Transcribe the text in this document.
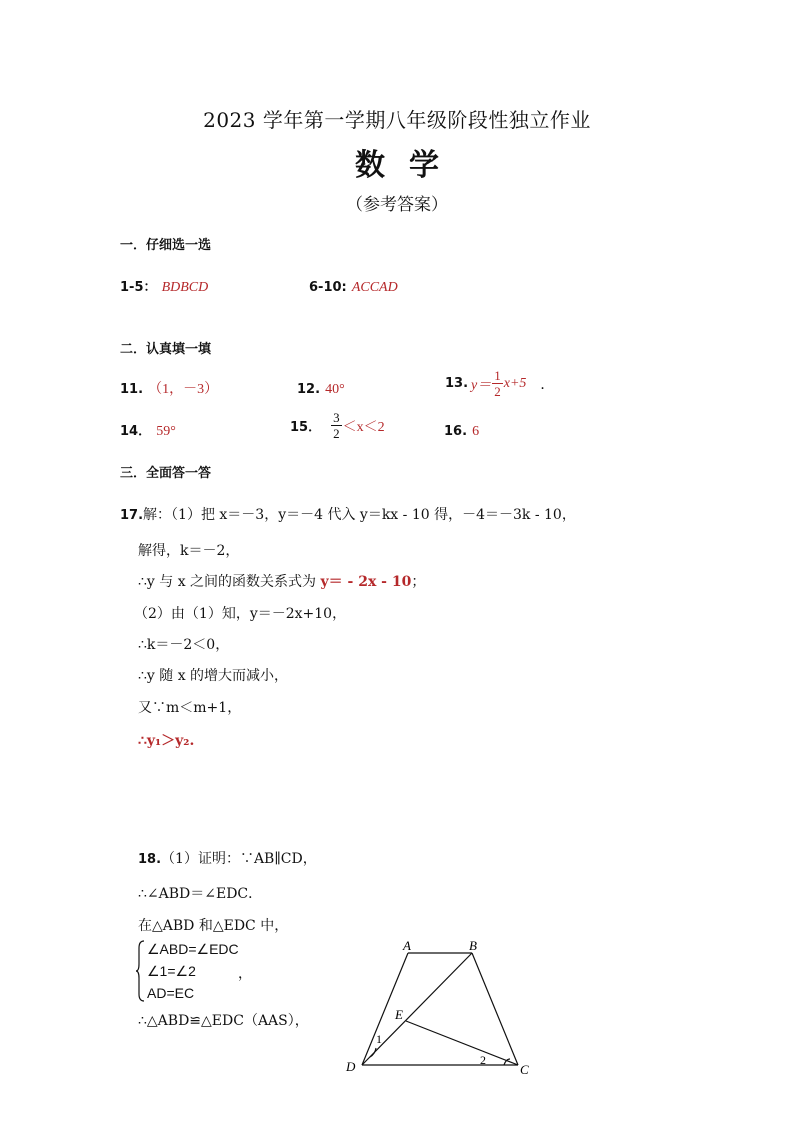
2023 学年第一学期八年级阶段性独立作业
数学
（参考答案）
一．仔细选一选
1-5： BDBCD	6-10: ACCAD
二．认真填一填
11. （1，－3）	12. 40°	13. $y= \frac{1}{2} x+5$ ．
14． 59°	15． $\frac{3}{2} <x<2$	16. 6
三．全面答一答
17.解：（1）把 x＝－3，y＝－4 代入 y＝kx - 10 得，－4＝－3k - 10，
解得，k＝－2，
∴y 与 x 之间的函数关系式为 y＝ - 2x - 10；
（2）由（1）知，y＝－2x+10，
∴k＝－2＜0，
∴y 随 x 的增大而减小，
又∵m＜m+1，
∴y₁＞y₂.
18.（1）证明：∵AB∥CD，
∴∠ABD＝∠EDC．
在△ABD 和△EDC 中，
∠ABD=∠EDC
∠1=∠2	，
AD=EC
∴△ABD≌△EDC（AAS），
A	B
C
D
E
1
2
